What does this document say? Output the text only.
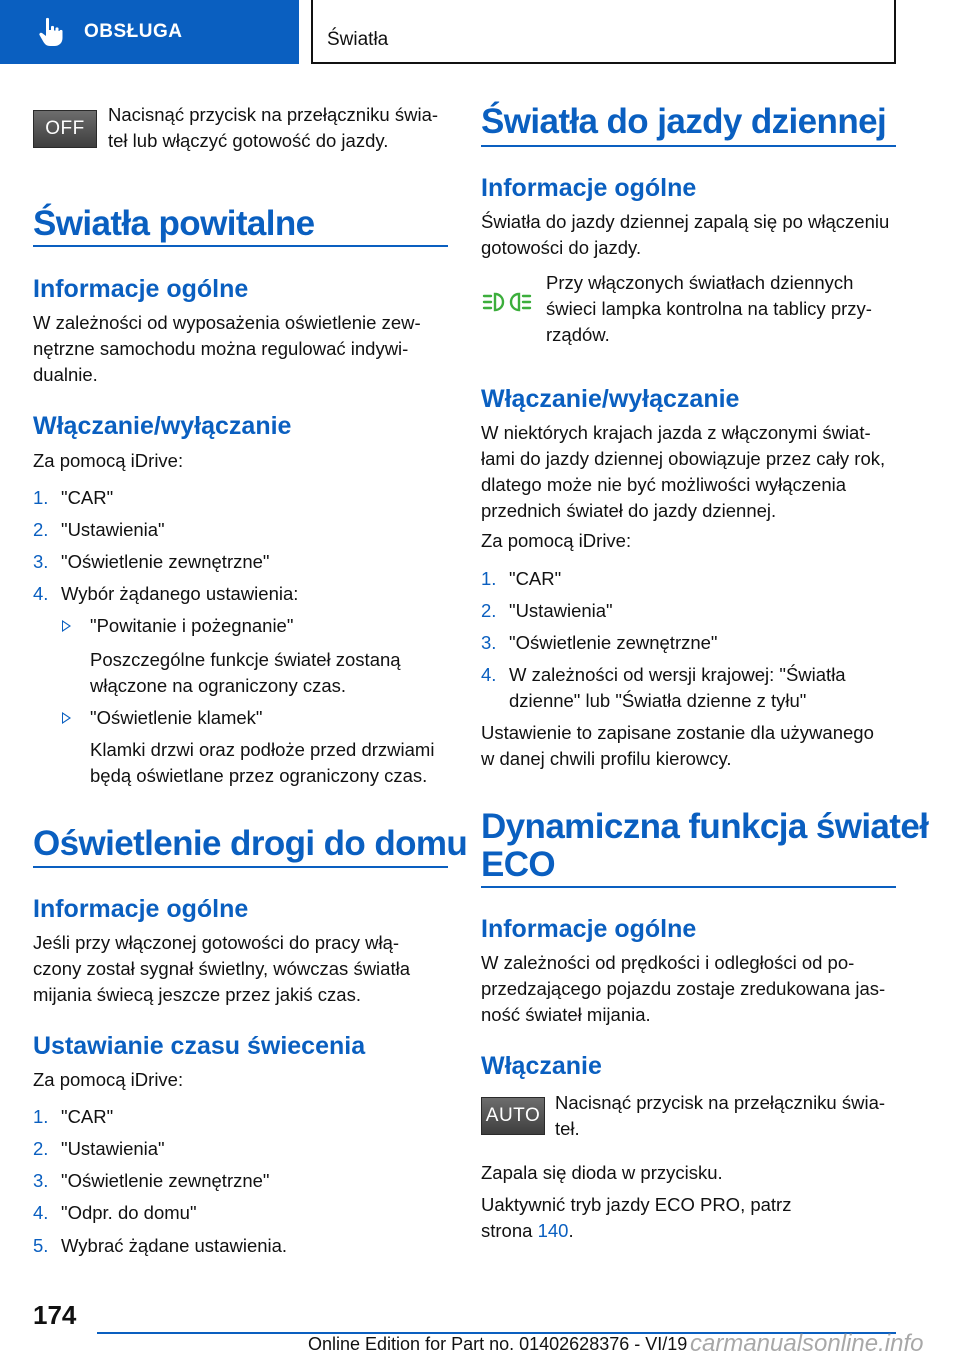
OBSŁUGA	Światła
OFF
Nacisnąć przycisk na przełączniku świa‐
teł lub włączyć gotowość do jazdy.
Światła powitalne
Informacje ogólne
W zależności od wyposażenia oświetlenie zew‐
nętrzne samochodu można regulować indywi‐
dualnie.
Włączanie/wyłączanie
Za pomocą iDrive:
1. "CAR"
2. "Ustawienia"
3. "Oświetlenie zewnętrzne"
4. Wybór żądanego ustawienia:
"Powitanie i pożegnanie"
Poszczególne funkcje świateł zostaną
włączone na ograniczony czas.
"Oświetlenie klamek"
Klamki drzwi oraz podłoże przed drzwiami
będą oświetlane przez ograniczony czas.
Oświetlenie drogi do domu
Informacje ogólne
Jeśli przy włączonej gotowości do pracy włą‐
czony został sygnał świetlny, wówczas światła
mijania świecą jeszcze przez jakiś czas.
Ustawianie czasu świecenia
Za pomocą iDrive:
1. "CAR"
2. "Ustawienia"
3. "Oświetlenie zewnętrzne"
4. "Odpr. do domu"
5. Wybrać żądane ustawienia.
Światła do jazdy dziennej
Informacje ogólne
Światła do jazdy dziennej zapalą się po włączeniu
gotowości do jazdy.
Przy włączonych światłach dziennych
świeci lampka kontrolna na tablicy przy‐
rządów.
Włączanie/wyłączanie
W niektórych krajach jazda z włączonymi świat‐
łami do jazdy dziennej obowiązuje przez cały rok,
dlatego może nie być możliwości wyłączenia
przednich świateł do jazdy dziennej.
Za pomocą iDrive:
1. "CAR"
2. "Ustawienia"
3. "Oświetlenie zewnętrzne"
4. W zależności od wersji krajowej: "Światła
dzienne" lub "Światła dzienne z tyłu"
Ustawienie to zapisane zostanie dla używanego
w danej chwili profilu kierowcy.
Dynamiczna funkcja świateł
ECO
Informacje ogólne
W zależności od prędkości i odległości od po‐
przedzającego pojazdu zostaje zredukowana jas‐
ność świateł mijania.
Włączanie
AUTO
Nacisnąć przycisk na przełączniku świa‐
teł.
Zapala się dioda w przycisku.
Uaktywnić tryb jazdy ECO PRO, patrz
strona 140.
174
Online Edition for Part no. 01402628376 - VI/19 carmanualsonline.info
